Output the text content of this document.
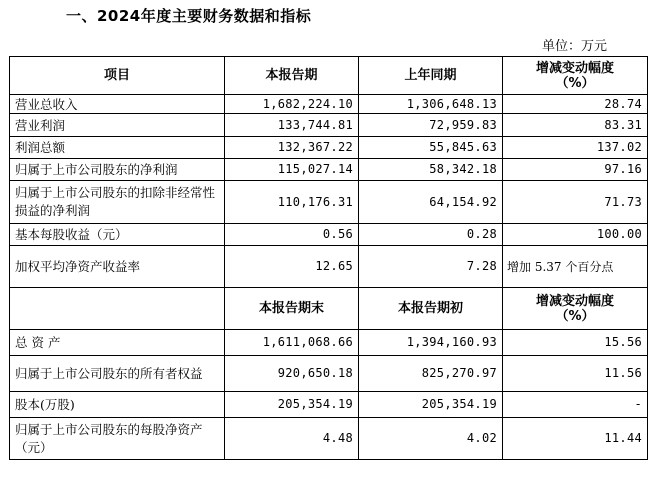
一、2024年度主要财务数据和指标
单位：万元
项目	本报告期	上年同期	增减变动幅度
（%）
营业总收入	1,682,224.10	1,306,648.13	28.74
营业利润	133,744.81	72,959.83	83.31
利润总额	132,367.22	55,845.63	137.02
归属于上市公司股东的净利润	115,027.14	58,342.18	97.16
归属于上市公司股东的扣除非经常性损益的净利润	110,176.31	64,154.92	71.73
基本每股收益（元）	0.56	0.28	100.00
加权平均净资产收益率	12.65	7.28	增加 5.37 个百分点
	本报告期末	本报告期初	增减变动幅度
（%）
总 资 产	1,611,068.66	1,394,160.93	15.56
归属于上市公司股东的所有者权益	920,650.18	825,270.97	11.56
股本(万股)	205,354.19	205,354.19	-
归属于上市公司股东的每股净资产（元）	4.48	4.02	11.44
